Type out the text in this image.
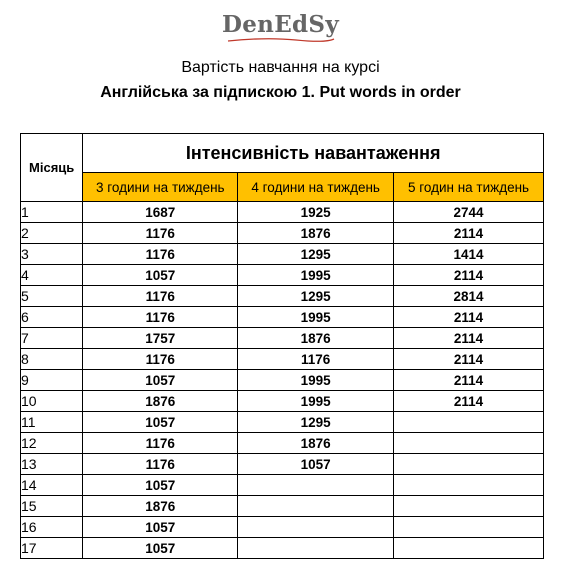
DenEdSy
Вартість навчання на курсі
Англійська за підпискою 1. Put words in order
Місяць	Інтенсивність навантаження		
	3 години на тиждень	4 години на тиждень	5 годин на тиждень
1	1687	1925	2744
2	1176	1876	2114
3	1176	1295	1414
4	1057	1995	2114
5	1176	1295	2814
6	1176	1995	2114
7	1757	1876	2114
8	1176	1176	2114
9	1057	1995	2114
10	1876	1995	2114
11	1057	1295	
12	1176	1876	
13	1176	1057	
14	1057		
15	1876		
16	1057		
17	1057		
